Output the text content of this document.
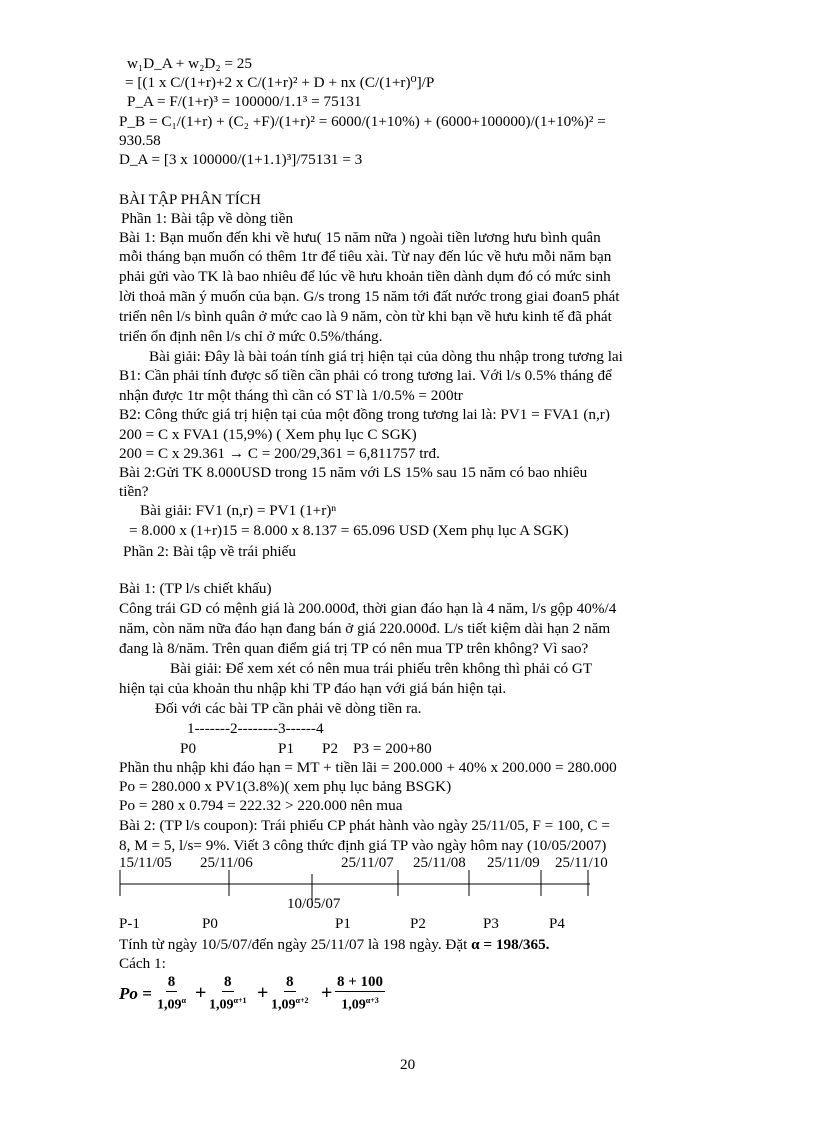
w₁D_A + w₂D₂ = 25
= [(1 x C/(1+r)+2 x C/(1+r)² + D + nx (C/(1+r)⁰]/P
P_A = F/(1+r)³ = 100000/1.1³ = 75131
P_B = C₁/(1+r) + (C₂ +F)/(1+r)² = 6000/(1+10%) + (6000+100000)/(1+10%)² =
930.58
D_A = [3 x 100000/(1+1.1)³]/75131 = 3
BÀI TẬP PHÂN TÍCH
Phần 1: Bài tập về dòng tiền
Bài 1: Bạn muốn đến khi về hưu( 15 năm nữa ) ngoài tiền lương hưu bình quân
mỗi tháng bạn muốn có thêm 1tr để tiêu xài. Từ nay đến lúc về hưu mỗi năm bạn
phải gửi vào TK là bao nhiêu để lúc về hưu khoản tiền dành dụm đó có mức sinh
lời thoả mãn ý muốn của bạn. G/s trong 15 năm tới đất nước trong giai đoan5 phát
triển nên l/s bình quân ở mức cao là 9 năm, còn từ khi bạn về hưu kinh tế đã phát
triển ổn định nên l/s chỉ ở mức 0.5%/tháng.
Bài giải: Đây là bài toán tính giá trị hiện tại của dòng thu nhập trong tương lai
B1: Cần phải tính được số tiền cần phải có trong tương lai. Với l/s 0.5% tháng để
nhận được 1tr một tháng thì cần có ST là 1/0.5% = 200tr
B2: Công thức giá trị hiện tại của một đồng trong tương lai là: PV1 = FVA1 (n,r)
200 = C x FVA1 (15,9%) ( Xem phụ lục C SGK)
200 = C x 29.361 → C = 200/29,361 = 6,811757 trđ.
Bài 2:Gửi TK 8.000USD trong 15 năm với LS 15% sau 15 năm có bao nhiêu
tiền?
Bài giải: FV1 (n,r) = PV1 (1+r)ⁿ
= 8.000 x (1+r)15 = 8.000 x 8.137 = 65.096 USD (Xem phụ lục A SGK)
Phần 2: Bài tập về trái phiếu
Bài 1: (TP l/s chiết khấu)
Công trái GD có mệnh giá là 200.000đ, thời gian đáo hạn là 4 năm, l/s gộp 40%/4
năm, còn năm nữa đáo hạn đang bán ở giá 220.000đ. L/s tiết kiệm dài hạn 2 năm
đang là 8/năm. Trên quan điểm giá trị TP có nên mua TP trên không? Vì sao?
Bài giải: Để xem xét có nên mua trái phiếu trên không thì phải có GT
hiện tại của khoản thu nhập khi TP đáo hạn với giá bán hiện tại.
Đối với các bài TP cần phải vẽ dòng tiền ra.
1-------2--------3------4
P0	P1 P2 P3 = 200+80
Phần thu nhập khi đáo hạn = MT + tiền lãi = 200.000 + 40% x 200.000 = 280.000
Po = 280.000 x PV1(3.8%)( xem phụ lục bảng BSGK)
Po = 280 x 0.794 = 222.32 > 220.000 nên mua
Bài 2: (TP l/s coupon): Trái phiếu CP phát hành vào ngày 25/11/05, F = 100, C =
8, M = 5, l/s= 9%. Viết 3 công thức định giá TP vào ngày hôm nay (10/05/2007)
15/11/05 25/11/06	25/11/07 25/11/08 25/11/09 25/11/10
10/05/07
P-1	P0	P1	P2	P3	P4
Tính từ ngày 10/5/07/đến ngày 25/11/07 là 198 ngày. Đặt α = 198/365.
Cách 1:
$Po = \frac{8}{1,09^\alpha} + \frac{8}{1,09^{\alpha+1}} + \frac{8}{1,09^{\alpha+2}} + \frac{8 + 100}{1,09^{\alpha+3}}$
20
